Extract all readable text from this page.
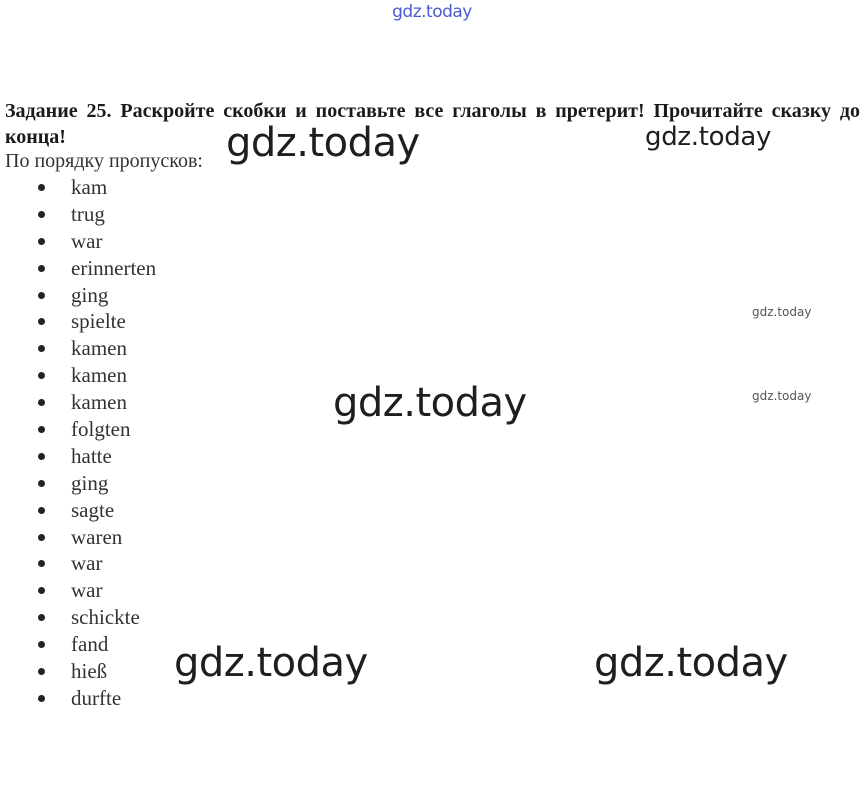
gdz.today

Задание 25. Раскройте скобки и поставьте все глаголы в претерит! Прочитайте сказку до конца!

По порядку пропусков:

kam
trug
war
erinnerten
ging
spielte
kamen
kamen
kamen
folgten
hatte
ging
sagte
waren
war
war
schickte
fand
hieß
durfte
gdz.today	gdz.today
gdz.today
gdz.today	gdz.today
gdz.today	gdz.today
